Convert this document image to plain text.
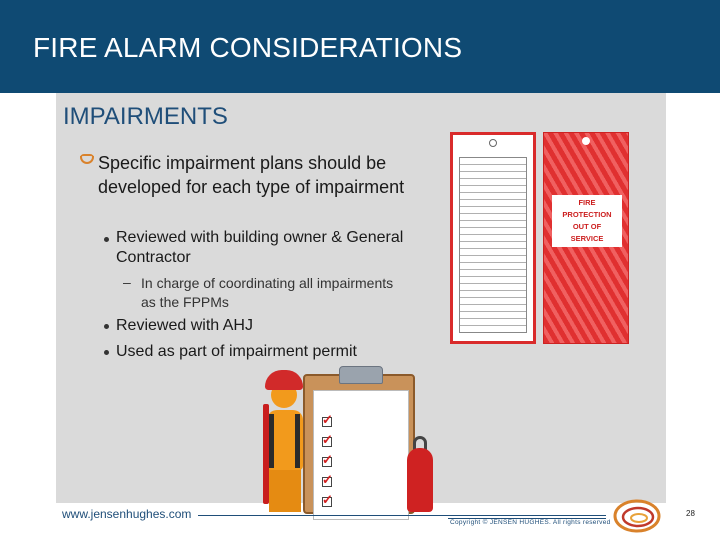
FIRE ALARM CONSIDERATIONS
IMPAIRMENTS
Specific impairment plans should be developed for each type of impairment
Reviewed with building owner & General Contractor
– In charge of coordinating all impairments as the FPPMs
Reviewed with AHJ
Used as part of impairment permit
FIRE
PROTECTION
OUT OF
SERVICE
✓
✓
✓
✓
✓
www.jensenhughes.com
Copyright © JENSEN HUGHES. All rights reserved
28
